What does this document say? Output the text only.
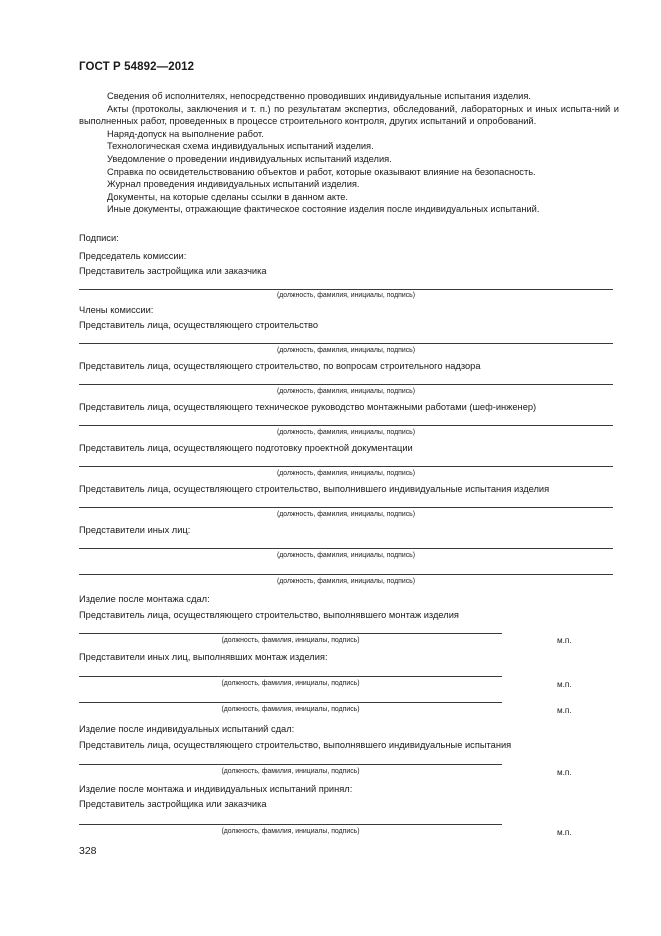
ГОСТ Р 54892—2012

Сведения об исполнителях, непосредственно проводивших индивидуальные испытания изделия.

Акты (протоколы, заключения и т. п.) по результатам экспертиз, обследований, лабораторных и иных испыта-ний и выполненных работ, проведенных в процессе строительного контроля, других испытаний и опробований.

Наряд-допуск на выполнение работ.

Технологическая схема индивидуальных испытаний изделия.

Уведомление о проведении индивидуальных испытаний изделия.

Справка по освидетельствованию объектов и работ, которые оказывают влияние на безопасность.

Журнал проведения индивидуальных испытаний изделия.

Документы, на которые сделаны ссылки в данном акте.

Иные документы, отражающие фактическое состояние изделия после индивидуальных испытаний.

Подписи:
Председатель комиссии:
Представитель застройщика или заказчика
(должность, фамилия, инициалы, подпись)
Члены комиссии:
Представитель лица, осуществляющего строительство
(должность, фамилия, инициалы, подпись)
Представитель лица, осуществляющего строительство, по вопросам строительного надзора
(должность, фамилия, инициалы, подпись)
Представитель лица, осуществляющего техническое руководство монтажными работами (шеф-инженер)
(должность, фамилия, инициалы, подпись)
Представитель лица, осуществляющего подготовку проектной документации
(должность, фамилия, инициалы, подпись)
Представитель лица, осуществляющего строительство, выполнившего индивидуальные испытания изделия
(должность, фамилия, инициалы, подпись)
Представители иных лиц:
(должность, фамилия, инициалы, подпись)
(должность, фамилия, инициалы, подпись)
Изделие после монтажа сдал:
Представитель лица, осуществляющего строительство, выполнявшего монтаж изделия
(должность, фамилия, инициалы, подпись)	м.п.
Представители иных лиц, выполнявших монтаж изделия:
(должность, фамилия, инициалы, подпись)	м.п.
(должность, фамилия, инициалы, подпись)	м.п.
Изделие после индивидуальных испытаний сдал:
Представитель лица, осуществляющего строительство, выполнявшего индивидуальные испытания
(должность, фамилия, инициалы, подпись)	м.п.
Изделие после монтажа и индивидуальных испытаний принял:
Представитель застройщика или заказчика
(должность, фамилия, инициалы, подпись)	м.п.
328
